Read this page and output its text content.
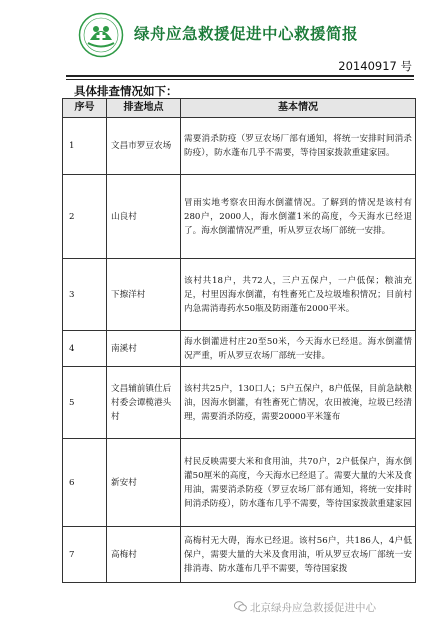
绿舟应急救援促进中心救援简报
20140917 号
具体排查情况如下：
序号	排查地点	基本情况
1	文昌市罗豆农场	需要消杀防疫（罗豆农场厂部有通知，将统一安排时间消杀防疫），防水蓬布几乎不需要，等待国家拨款重建家园。
2	山良村	冒雨实地考察农田海水倒灌情况。了解到的情况是该村有280户，2000人，海水倒灌1米的高度，今天海水已经退了。海水倒灌情况严重，听从罗豆农场厂部统一安排。
3	下擦洋村	该村共18户，共72人，三户五保户，一户低保；粮油充足，村里因海水倒灌，有牲畜死亡及垃圾堆积情况；目前村内急需消毒药水50瓶及防雨蓬布2000平米。
4	南溪村	海水倒灌进村庄20至50米，今天海水已经退。海水倒灌情况严重，听从罗豆农场厂部统一安排。
5	文昌辅前镇仕后村委会谭榄港头村	该村共25户，130口人；5户五保户，8户低保，目前急缺粮油，因海水倒灌，有牲畜死亡情况，农田被淹，垃圾已经清理，需要消杀防疫，需要20000平米篷布
6	新安村	村民反映需要大米和食用油，共70户，2户低保户，海水倒灌50厘米的高度，今天海水已经退了。需要大量的大米及食用油，需要消杀防疫（罗豆农场厂部有通知，将统一安排时间消杀防疫），防水蓬布几乎不需要，等待国家拨款重建家园
7	高梅村	高梅村无大碍，海水已经退。该村56户，共186人，4户低保户，需要大量的大米及食用油，听从罗豆农场厂部统一安排消毒、防水蓬布几乎不需要，等待国家拨
北京绿舟应急救援促进中心
